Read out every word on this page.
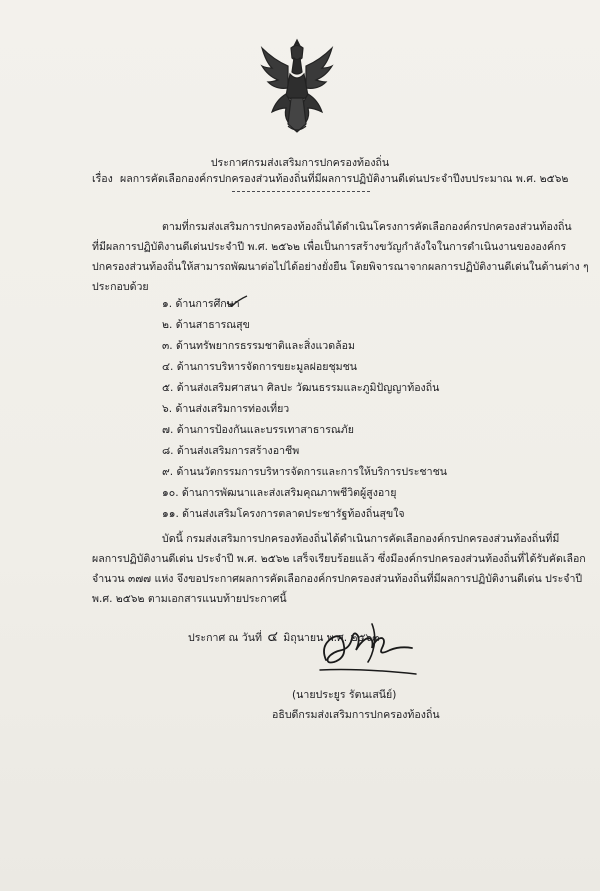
ประกาศกรมส่งเสริมการปกครองท้องถิ่น
เรื่อง ผลการคัดเลือกองค์กรปกครองส่วนท้องถิ่นที่มีผลการปฏิบัติงานดีเด่นประจำปีงบประมาณ พ.ศ. ๒๕๖๒
ตามที่กรมส่งเสริมการปกครองท้องถิ่นได้ดำเนินโครงการคัดเลือกองค์กรปกครองส่วนท้องถิ่น
ที่มีผลการปฏิบัติงานดีเด่นประจำปี พ.ศ. ๒๕๖๒ เพื่อเป็นการสร้างขวัญกำลังใจในการดำเนินงานขององค์กร
ปกครองส่วนท้องถิ่นให้สามารถพัฒนาต่อไปได้อย่างยั่งยืน โดยพิจารณาจากผลการปฏิบัติงานดีเด่นในด้านต่าง ๆ
ประกอบด้วย
๑. ด้านการศึกษา
๒. ด้านสาธารณสุข
๓. ด้านทรัพยากรธรรมชาติและสิ่งแวดล้อม
๔. ด้านการบริหารจัดการขยะมูลฝอยชุมชน
๕. ด้านส่งเสริมศาสนา ศิลปะ วัฒนธรรมและภูมิปัญญาท้องถิ่น
๖. ด้านส่งเสริมการท่องเที่ยว
๗. ด้านการป้องกันและบรรเทาสาธารณภัย
๘. ด้านส่งเสริมการสร้างอาชีพ
๙. ด้านนวัตกรรมการบริหารจัดการและการให้บริการประชาชน
๑๐. ด้านการพัฒนาและส่งเสริมคุณภาพชีวิตผู้สูงอายุ
๑๑. ด้านส่งเสริมโครงการตลาดประชารัฐท้องถิ่นสุขใจ
บัดนี้ กรมส่งเสริมการปกครองท้องถิ่นได้ดำเนินการคัดเลือกองค์กรปกครองส่วนท้องถิ่นที่มี
ผลการปฏิบัติงานดีเด่น ประจำปี พ.ศ. ๒๕๖๒ เสร็จเรียบร้อยแล้ว ซึ่งมีองค์กรปกครองส่วนท้องถิ่นที่ได้รับคัดเลือก
จำนวน ๓๗๗ แห่ง จึงขอประกาศผลการคัดเลือกองค์กรปกครองส่วนท้องถิ่นที่มีผลการปฏิบัติงานดีเด่น ประจำปี
พ.ศ. ๒๕๖๒ ตามเอกสารแนบท้ายประกาศนี้
ประกาศ ณ วันที่ ๔ มิถุนายน พ.ศ. ๒๕๖๓
(นายประยูร รัตนเสนีย์)
อธิบดีกรมส่งเสริมการปกครองท้องถิ่น
